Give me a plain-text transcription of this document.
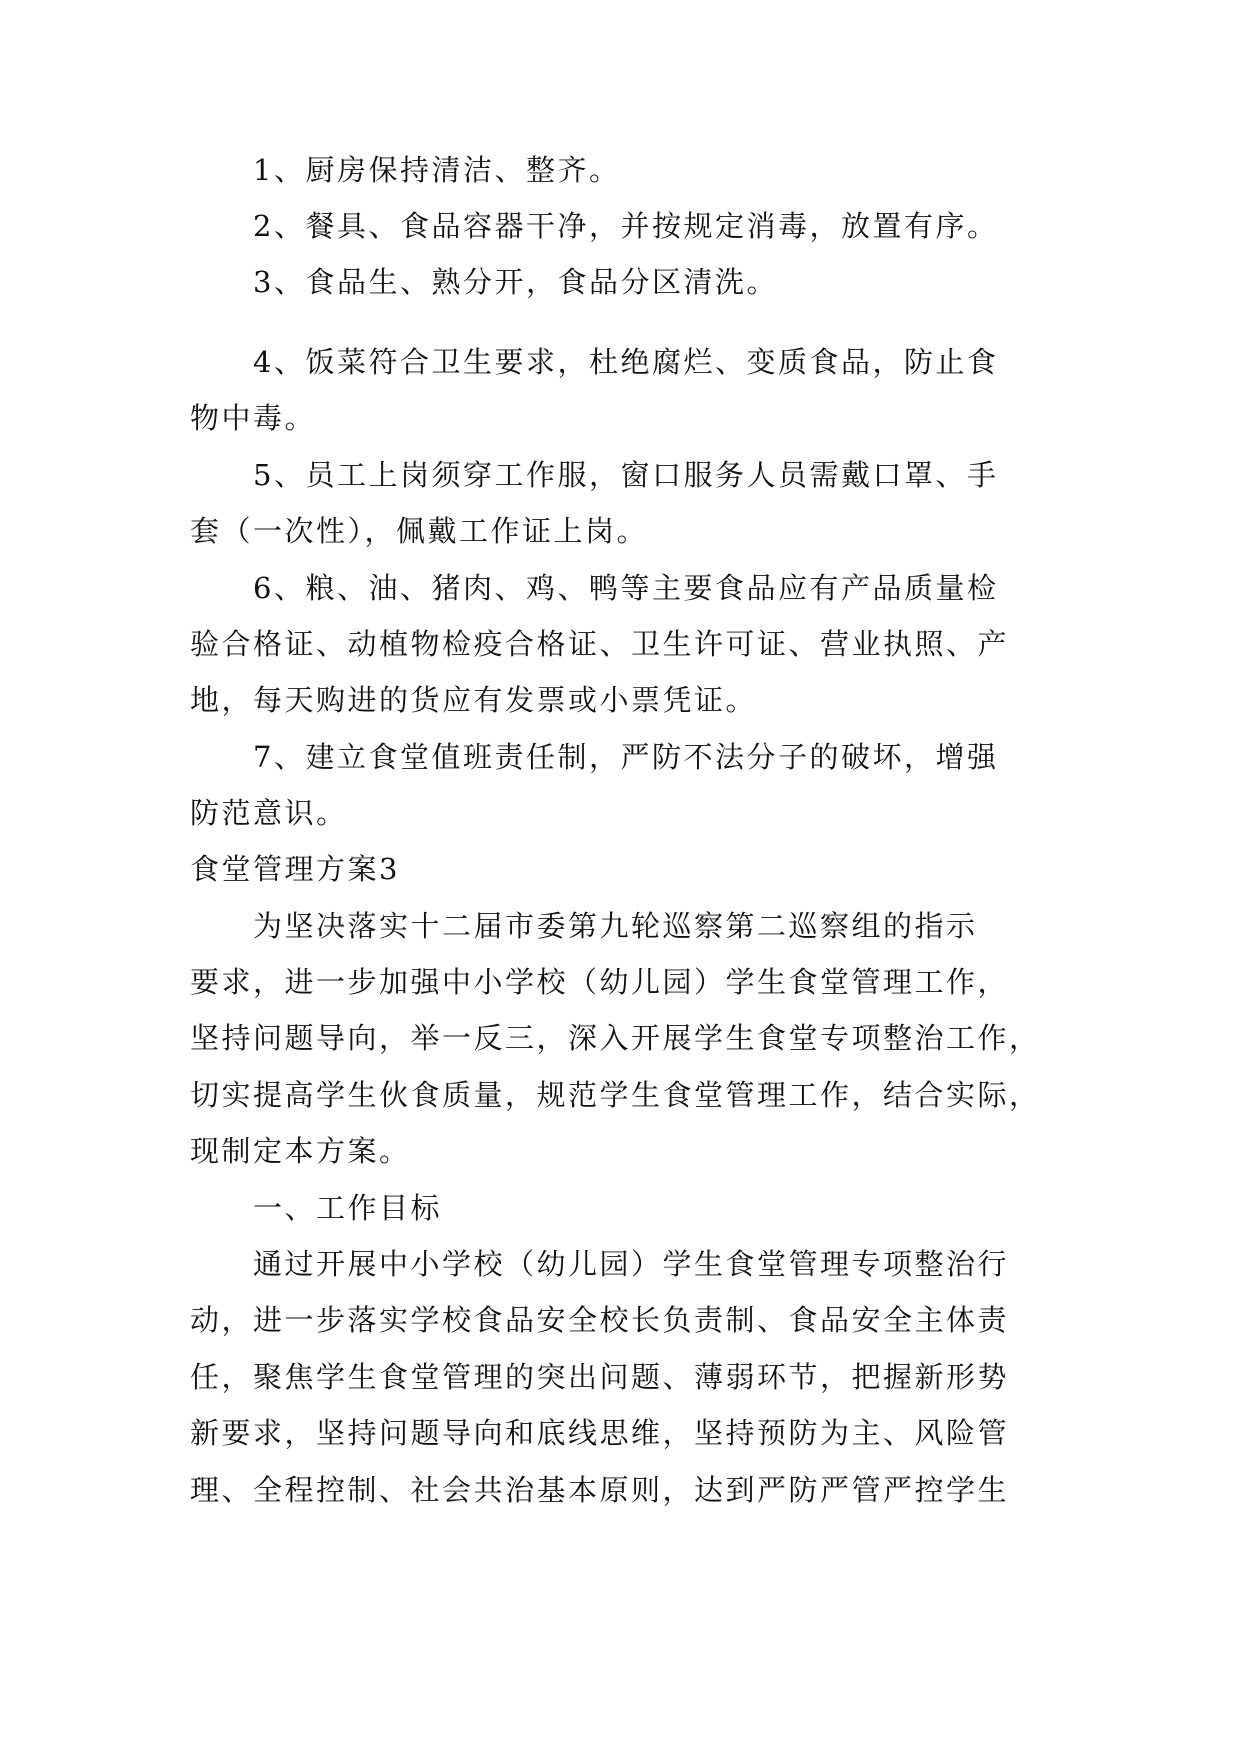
1、厨房保持清洁、整齐。
2、餐具、食品容器干净，并按规定消毒，放置有序。
3、食品生、熟分开，食品分区清洗。
4、饭菜符合卫生要求，杜绝腐烂、变质食品，防止食
物中毒。
5、员工上岗须穿工作服，窗口服务人员需戴口罩、手
套（一次性），佩戴工作证上岗。
6、粮、油、猪肉、鸡、鸭等主要食品应有产品质量检
验合格证、动植物检疫合格证、卫生许可证、营业执照、产
地，每天购进的货应有发票或小票凭证。
7、建立食堂值班责任制，严防不法分子的破坏，增强
防范意识。
食堂管理方案3
为坚决落实十二届市委第九轮巡察第二巡察组的指示
要求，进一步加强中小学校（幼儿园）学生食堂管理工作，
坚持问题导向，举一反三，深入开展学生食堂专项整治工作，
切实提高学生伙食质量，规范学生食堂管理工作，结合实际，
现制定本方案。
一、工作目标
通过开展中小学校（幼儿园）学生食堂管理专项整治行
动，进一步落实学校食品安全校长负责制、食品安全主体责
任，聚焦学生食堂管理的突出问题、薄弱环节，把握新形势
新要求，坚持问题导向和底线思维，坚持预防为主、风险管
理、全程控制、社会共治基本原则，达到严防严管严控学生
